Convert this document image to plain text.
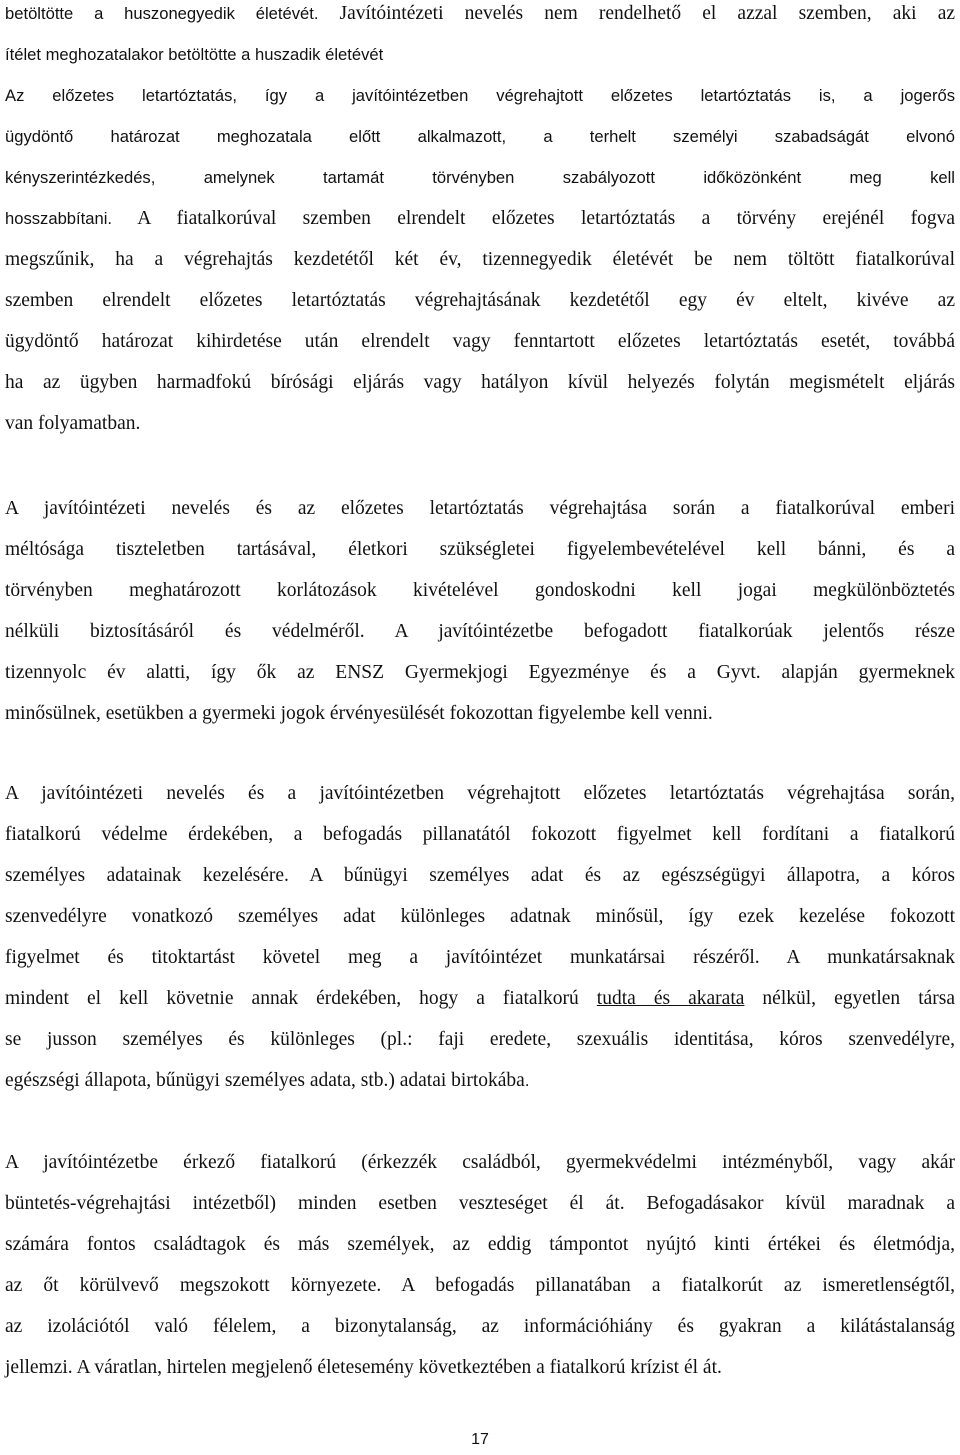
betöltötte a huszonegyedik életévét. Javítóintézeti nevelés nem rendelhető el azzal szemben, aki az
ítélet meghozatalakor betöltötte a huszadik életévét
Az előzetes letartóztatás, így a javítóintézetben végrehajtott előzetes letartóztatás is, a jogerős
ügydöntő határozat meghozatala előtt alkalmazott, a terhelt személyi szabadságát elvonó
kényszerintézkedés, amelynek tartamát törvényben szabályozott időközönként meg kell
hosszabbítani. A fiatalkorúval szemben elrendelt előzetes letartóztatás a törvény erejénél fogva
megszűnik, ha a végrehajtás kezdetétől két év, tizennegyedik életévét be nem töltött fiatalkorúval
szemben elrendelt előzetes letartóztatás végrehajtásának kezdetétől egy év eltelt, kivéve az
ügydöntő határozat kihirdetése után elrendelt vagy fenntartott előzetes letartóztatás esetét, továbbá
ha az ügyben harmadfokú bírósági eljárás vagy hatályon kívül helyezés folytán megismételt eljárás
van folyamatban.
A javítóintézeti nevelés és az előzetes letartóztatás végrehajtása során a fiatalkorúval emberi
méltósága tiszteletben tartásával, életkori szükségletei figyelembevételével kell bánni, és a
törvényben meghatározott korlátozások kivételével gondoskodni kell jogai megkülönböztetés
nélküli biztosításáról és védelméről. A javítóintézetbe befogadott fiatalkorúak jelentős része
tizennyolc év alatti, így ők az ENSZ Gyermekjogi Egyezménye és a Gyvt. alapján gyermeknek
minősülnek, esetükben a gyermeki jogok érvényesülését fokozottan figyelembe kell venni.
A javítóintézeti nevelés és a javítóintézetben végrehajtott előzetes letartóztatás végrehajtása során,
fiatalkorú védelme érdekében, a befogadás pillanatától fokozott figyelmet kell fordítani a fiatalkorú
személyes adatainak kezelésére. A bűnügyi személyes adat és az egészségügyi állapotra, a kóros
szenvedélyre vonatkozó személyes adat különleges adatnak minősül, így ezek kezelése fokozott
figyelmet és titoktartást követel meg a javítóintézet munkatársai részéről. A munkatársaknak
mindent el kell követnie annak érdekében, hogy a fiatalkorú tudta és akarata nélkül, egyetlen társa
se jusson személyes és különleges (pl.: faji eredete, szexuális identitása, kóros szenvedélyre,
egészségi állapota, bűnügyi személyes adata, stb.) adatai birtokába.
A javítóintézetbe érkező fiatalkorú (érkezzék családból, gyermekvédelmi intézményből, vagy akár
büntetés-végrehajtási intézetből) minden esetben veszteséget él át. Befogadásakor kívül maradnak a
számára fontos családtagok és más személyek, az eddig támpontot nyújtó kinti értékei és életmódja,
az őt körülvevő megszokott környezete. A befogadás pillanatában a fiatalkorút az ismeretlenségtől,
az izolációtól való félelem, a bizonytalanság, az információhiány és gyakran a kilátástalanság
jellemzi. A váratlan, hirtelen megjelenő életesemény következtében a fiatalkorú krízist él át.
17
